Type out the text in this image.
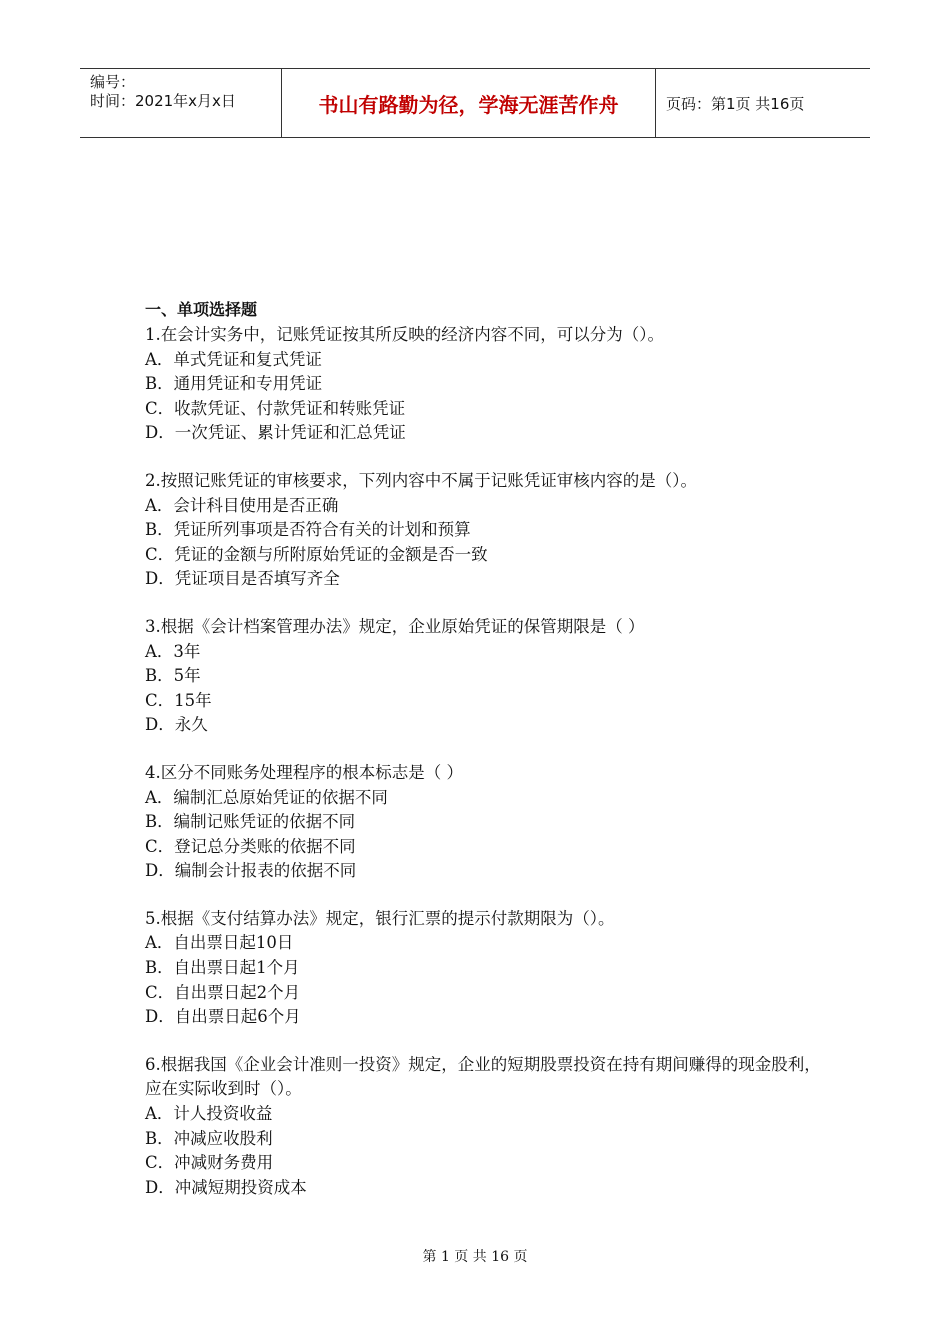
编号：
时间：2021年x月x日	书山有路勤为径，学海无涯苦作舟	页码：第1页 共16页
一、单项选择题

1.在会计实务中，记账凭证按其所反映的经济内容不同，可以分为（）。

A．单式凭证和复式凭证

B．通用凭证和专用凭证

C．收款凭证、付款凭证和转账凭证

D．一次凭证、累计凭证和汇总凭证

2.按照记账凭证的审核要求，下列内容中不属于记账凭证审核内容的是（）。

A．会计科目使用是否正确

B．凭证所列事项是否符合有关的计划和预算

C．凭证的金额与所附原始凭证的金额是否一致

D．凭证项目是否填写齐全

3.根据《会计档案管理办法》规定，企业原始凭证的保管期限是（ ）

A．3年

B．5年

C．15年

D．永久

4.区分不同账务处理程序的根本标志是（ ）

A．编制汇总原始凭证的依据不同

B．编制记账凭证的依据不同

C．登记总分类账的依据不同

D．编制会计报表的依据不同

5.根据《支付结算办法》规定，银行汇票的提示付款期限为（）。

A．自出票日起10日

B．自出票日起1个月

C．自出票日起2个月

D．自出票日起6个月

6.根据我国《企业会计准则一投资》规定，企业的短期股票投资在持有期间赚得的现金股利，应在实际收到时（）。

A．计人投资收益

B．冲减应收股利

C．冲减财务费用

D．冲减短期投资成本

第 1 页 共 16 页
